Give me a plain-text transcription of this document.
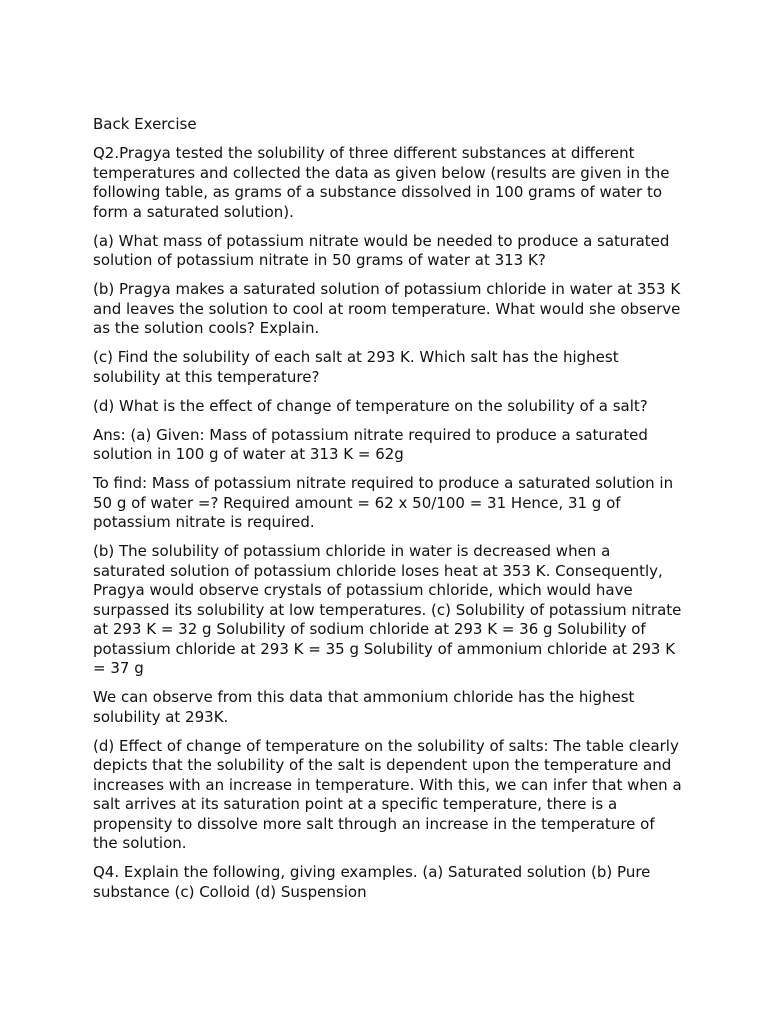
Back Exercise

Q2.Pragya tested the solubility of three different substances at different temperatures and collected the data as given below (results are given in the following table, as grams of a substance dissolved in 100 grams of water to form a saturated solution).

(a) What mass of potassium nitrate would be needed to produce a saturated solution of potassium nitrate in 50 grams of water at 313 K?

(b) Pragya makes a saturated solution of potassium chloride in water at 353 K and leaves the solution to cool at room temperature. What would she observe as the solution cools? Explain.

(c) Find the solubility of each salt at 293 K. Which salt has the highest solubility at this temperature?

(d) What is the effect of change of temperature on the solubility of a salt?

Ans: (a) Given: Mass of potassium nitrate required to produce a saturated solution in 100 g of water at 313 K = 62g

To find: Mass of potassium nitrate required to produce a saturated solution in 50 g of water =? Required amount = 62 x 50/100 = 31 Hence, 31 g of potassium nitrate is required.

(b) The solubility of potassium chloride in water is decreased when a saturated solution of potassium chloride loses heat at 353 K. Consequently, Pragya would observe crystals of potassium chloride, which would have surpassed its solubility at low temperatures. (c) Solubility of potassium nitrate at 293 K = 32 g Solubility of sodium chloride at 293 K = 36 g Solubility of potassium chloride at 293 K = 35 g Solubility of ammonium chloride at 293 K = 37 g

We can observe from this data that ammonium chloride has the highest solubility at 293K.

(d) Effect of change of temperature on the solubility of salts: The table clearly depicts that the solubility of the salt is dependent upon the temperature and increases with an increase in temperature. With this, we can infer that when a salt arrives at its saturation point at a specific temperature, there is a propensity to dissolve more salt through an increase in the temperature of the solution.

Q4. Explain the following, giving examples. (a) Saturated solution (b) Pure substance (c) Colloid (d) Suspension
